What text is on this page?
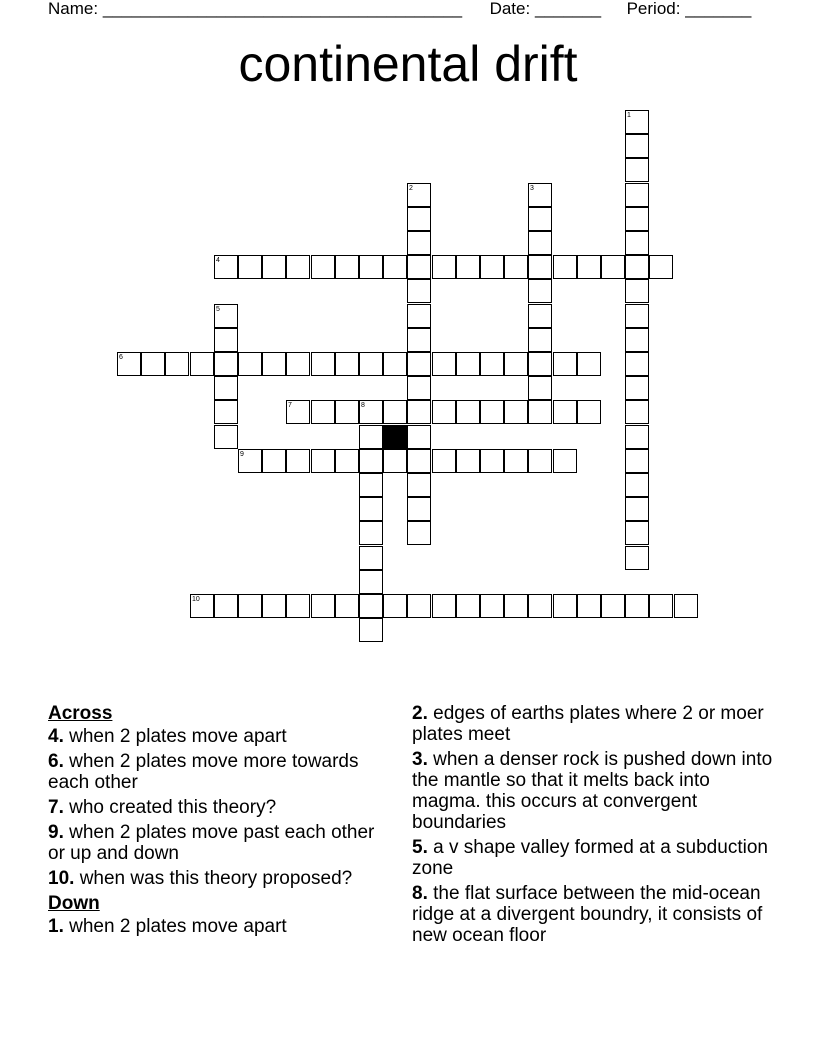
Name: ______________________________________ Date: _______ Period: _______
continental drift
1
2	3
4
5
6
7	8
9
10
Across
4. when 2 plates move apart
6. when 2 plates move more towards each other
7. who created this theory?
9. when 2 plates move past each other or up and down
10. when was this theory proposed?
Down
1. when 2 plates move apart
2. edges of earths plates where 2 or moer plates meet
3. when a denser rock is pushed down into the mantle so that it melts back into magma. this occurs at convergent boundaries
5. a v shape valley formed at a subduction zone
8. the flat surface between the mid-ocean ridge at a divergent boundry, it consists of new ocean floor
